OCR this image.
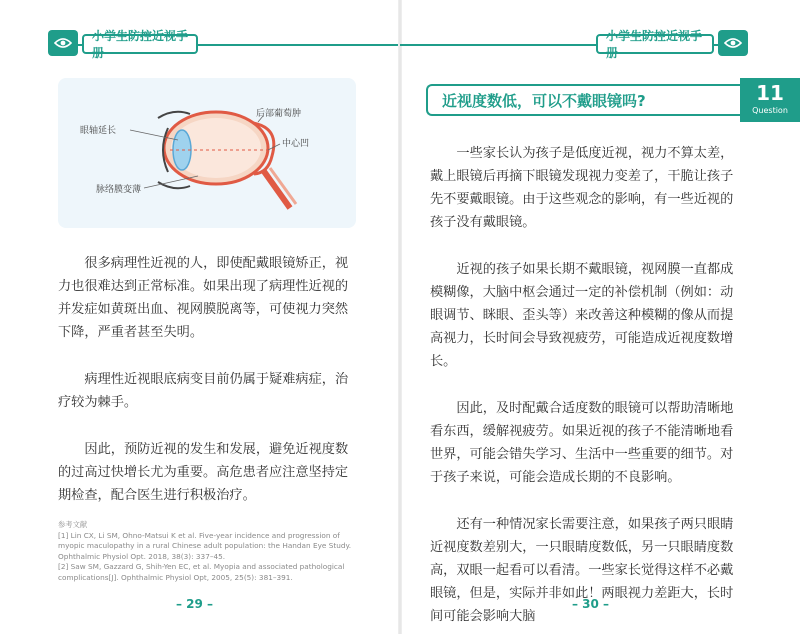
小学生防控近视手册
后部葡萄肿
眼轴延长
中心凹
脉络膜变薄

很多病理性近视的人，即使配戴眼镜矫正，视力也很难达到正常标准。如果出现了病理性近视的并发症如黄斑出血、视网膜脱离等，可使视力突然下降，严重者甚至失明。

病理性近视眼底病变目前仍属于疑难病症，治疗较为棘手。

因此，预防近视的发生和发展，避免近视度数的过高过快增长尤为重要。高危患者应注意坚持定期检查，配合医生进行积极治疗。

参考文献
[1] Lin CX, Li SM, Ohno-Matsui K et al. Five-year incidence and progression of
myopic maculopathy in a rural Chinese adult population: the Handan Eye Study.
Ophthalmic Physiol Opt. 2018, 38(3): 337–45.
[2] Saw SM, Gazzard G, Shih-Yen EC, et al. Myopia and associated pathological
complications[J]. Ophthalmic Physiol Opt, 2005, 25(5): 381–391.
– 29 –
小学生防控近视手册
近视度数低，可以不戴眼镜吗?	11
Question

一些家长认为孩子是低度近视，视力不算太差，戴上眼镜后再摘下眼镜发现视力变差了，干脆让孩子先不要戴眼镜。由于这些观念的影响，有一些近视的孩子没有戴眼镜。

近视的孩子如果长期不戴眼镜，视网膜一直都成模糊像，大脑中枢会通过一定的补偿机制（例如：动眼调节、眯眼、歪头等）来改善这种模糊的像从而提高视力，长时间会导致视疲劳，可能造成近视度数增长。

因此，及时配戴合适度数的眼镜可以帮助清晰地看东西，缓解视疲劳。如果近视的孩子不能清晰地看世界，可能会错失学习、生活中一些重要的细节。对于孩子来说，可能会造成长期的不良影响。

还有一种情况家长需要注意，如果孩子两只眼睛近视度数差别大，一只眼睛度数低，另一只眼睛度数高，双眼一起看可以看清。一些家长觉得这样不必戴眼镜，但是，实际并非如此！两眼视力差距大，长时间可能会影响大脑

– 30 –
